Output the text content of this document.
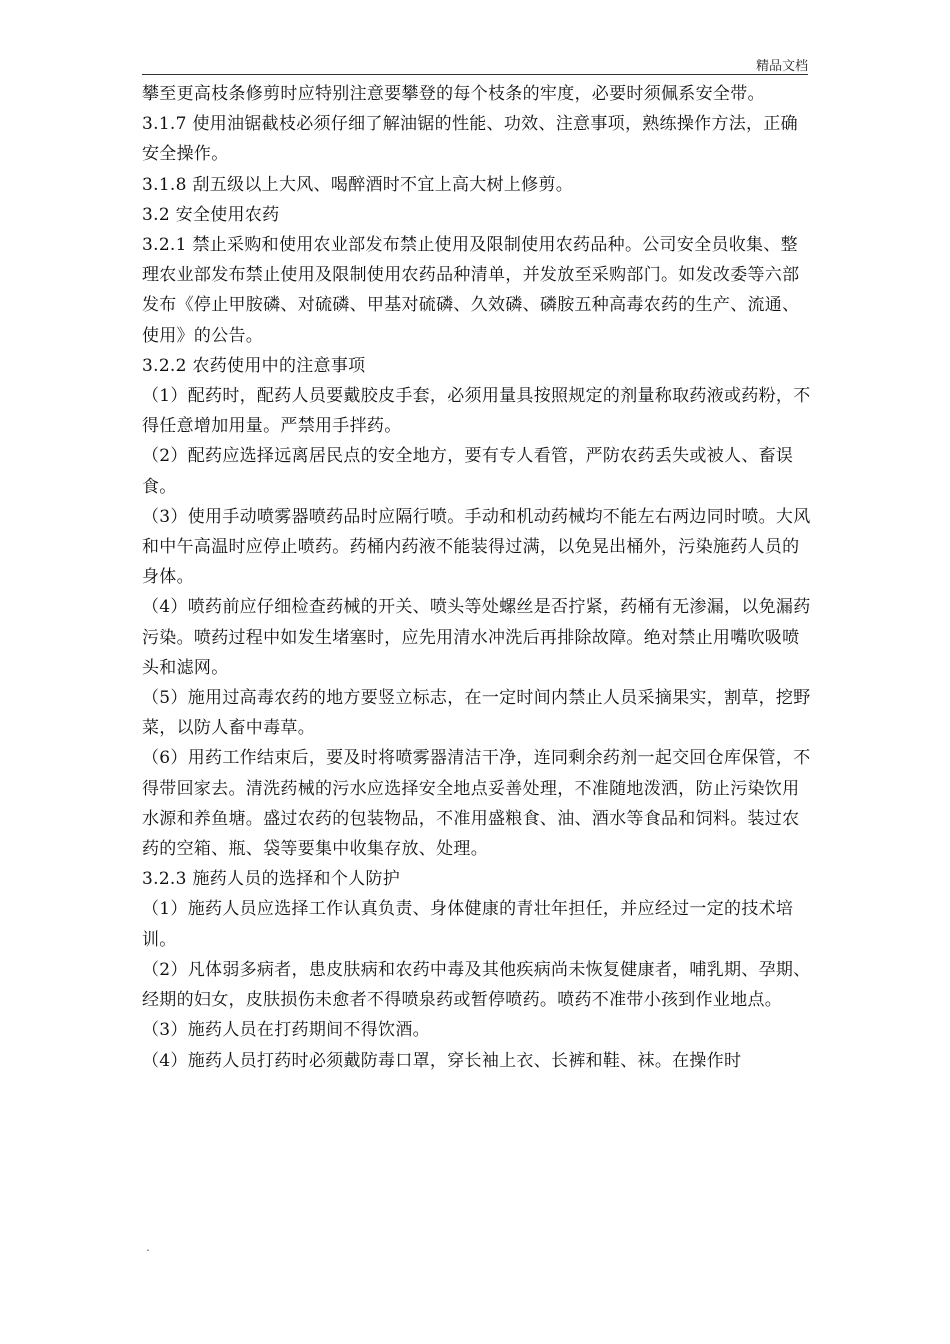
精品文档

攀至更高枝条修剪时应特别注意要攀登的每个枝条的牢度，必要时须佩系安全带。

3.1.7 使用油锯截枝必须仔细了解油锯的性能、功效、注意事项，熟练操作方法，正确安全操作。

3.1.8 刮五级以上大风、喝醉酒时不宜上高大树上修剪。

3.2 安全使用农药

3.2.1 禁止采购和使用农业部发布禁止使用及限制使用农药品种。公司安全员收集、整理农业部发布禁止使用及限制使用农药品种清单，并发放至采购部门。如发改委等六部发布《停止甲胺磷、对硫磷、甲基对硫磷、久效磷、磷胺五种高毒农药的生产、流通、使用》的公告。

3.2.2 农药使用中的注意事项

（1）配药时，配药人员要戴胶皮手套，必须用量具按照规定的剂量称取药液或药粉，不得任意增加用量。严禁用手拌药。

（2）配药应选择远离居民点的安全地方，要有专人看管，严防农药丢失或被人、畜误食。

（3）使用手动喷雾器喷药品时应隔行喷。手动和机动药械均不能左右两边同时喷。大风和中午高温时应停止喷药。药桶内药液不能装得过满，以免晃出桶外，污染施药人员的身体。

（4）喷药前应仔细检查药械的开关、喷头等处螺丝是否拧紧，药桶有无渗漏，以免漏药污染。喷药过程中如发生堵塞时，应先用清水冲洗后再排除故障。绝对禁止用嘴吹吸喷头和滤网。

（5）施用过高毒农药的地方要竖立标志，在一定时间内禁止人员采摘果实，割草，挖野菜，以防人畜中毒草。

（6）用药工作结束后，要及时将喷雾器清洁干净，连同剩余药剂一起交回仓库保管，不得带回家去。清洗药械的污水应选择安全地点妥善处理，不准随地泼洒，防止污染饮用水源和养鱼塘。盛过农药的包装物品，不准用盛粮食、油、酒水等食品和饲料。装过农药的空箱、瓶、袋等要集中收集存放、处理。

3.2.3 施药人员的选择和个人防护

（1）施药人员应选择工作认真负责、身体健康的青壮年担任，并应经过一定的技术培训。

（2）凡体弱多病者，患皮肤病和农药中毒及其他疾病尚未恢复健康者，哺乳期、孕期、经期的妇女，皮肤损伤未愈者不得喷泉药或暂停喷药。喷药不准带小孩到作业地点。

（3）施药人员在打药期间不得饮酒。

（4）施药人员打药时必须戴防毒口罩，穿长袖上衣、长裤和鞋、袜。在操作时

.
